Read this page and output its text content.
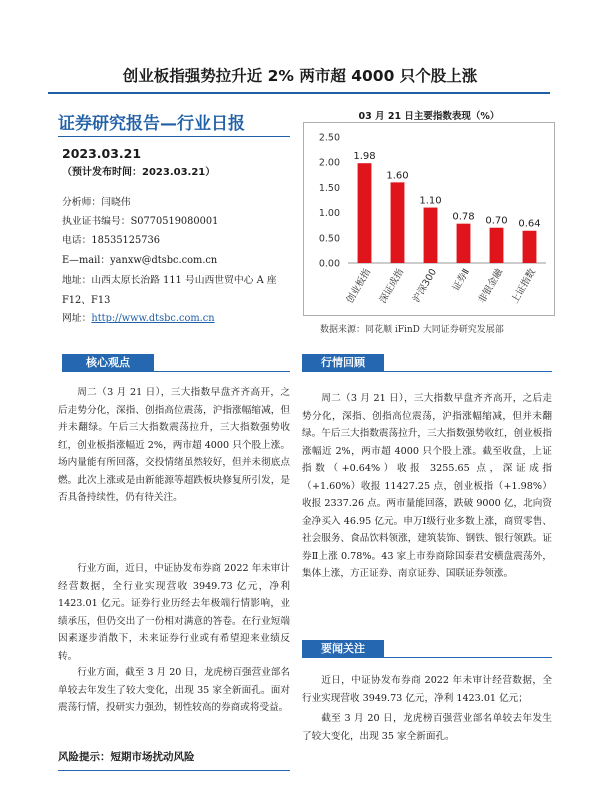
创业板指强势拉升近 2% 两市超 4000 只个股上涨
证券研究报告—行业日报
2023.03.21
（预计发布时间：2023.03.21）
分析师：闫晓伟
执业证书编号：S0770519080001
电话：18535125736
E—mail：yanxw@dtsbc.com.cn
地址：山西太原长治路 111 号山西世贸中心 A 座
F12、F13
网址：http://www.dtsbc.com.cn
03 月 21 日主要指数表现（%）
0.00
0.50
1.00
1.50
2.00
2.50
1.98
创业板指
1.60
深证成指
1.10
沪深300
0.78
证券Ⅱ
0.70
非银金融
0.64
上证指数
数据来源：同花顺 iFinD 大同证券研究发展部
核心观点

周二（3 月 21 日），三大指数早盘齐齐高开，之后走势分化，深指、创指高位震荡，沪指涨幅缩减，但并未翻绿。午后三大指数震荡拉升，三大指数强势收红，创业板指涨幅近 2%，两市超 4000 只个股上涨。场内量能有所回落，交投情绪虽然较好，但并未彻底点燃。此次上涨或是由新能源等超跌板块修复所引发，是否具备持续性，仍有待关注。

行业方面，近日，中证协发布券商 2022 年未审计经营数据，全行业实现营收 3949.73 亿元，净利 1423.01 亿元。证券行业历经去年极端行情影响，业绩承压，但仍交出了一份相对满意的答卷。在行业短端因素逐步消散下，未来证券行业或有希望迎来业绩反转。

行业方面，截至 3 月 20 日，龙虎榜百强营业部名单较去年发生了较大变化，出现 35 家全新面孔。面对震荡行情，投研实力强劲，韧性较高的券商或将受益。

风险提示：短期市场扰动风险
行情回顾

周二（3 月 21 日），三大指数早盘齐齐高开，之后走势分化，深指、创指高位震荡，沪指涨幅缩减，但并未翻绿。午后三大指数震荡拉升，三大指数强势收红，创业板指涨幅近 2%，两市超 4000 只个股上涨。截至收盘，上证指数（+0.64%）收报 3255.65 点，深证成指（+1.60%）收报 11427.25 点，创业板指（+1.98%）收报 2337.26 点。两市量能回落，跌破 9000 亿，北向资金净买入 46.95 亿元。申万Ⅰ级行业多数上涨，商贸零售、社会服务、食品饮料领涨，建筑装饰、钢铁、银行领跌。证券Ⅱ上涨 0.78%。43 家上市券商除国泰君安横盘震荡外，集体上涨，方正证券、南京证券、国联证券领涨。

要闻关注

近日，中证协发布券商 2022 年未审计经营数据，全行业实现营收 3949.73 亿元，净利 1423.01 亿元；

截至 3 月 20 日，龙虎榜百强营业部名单较去年发生了较大变化，出现 35 家全新面孔。
